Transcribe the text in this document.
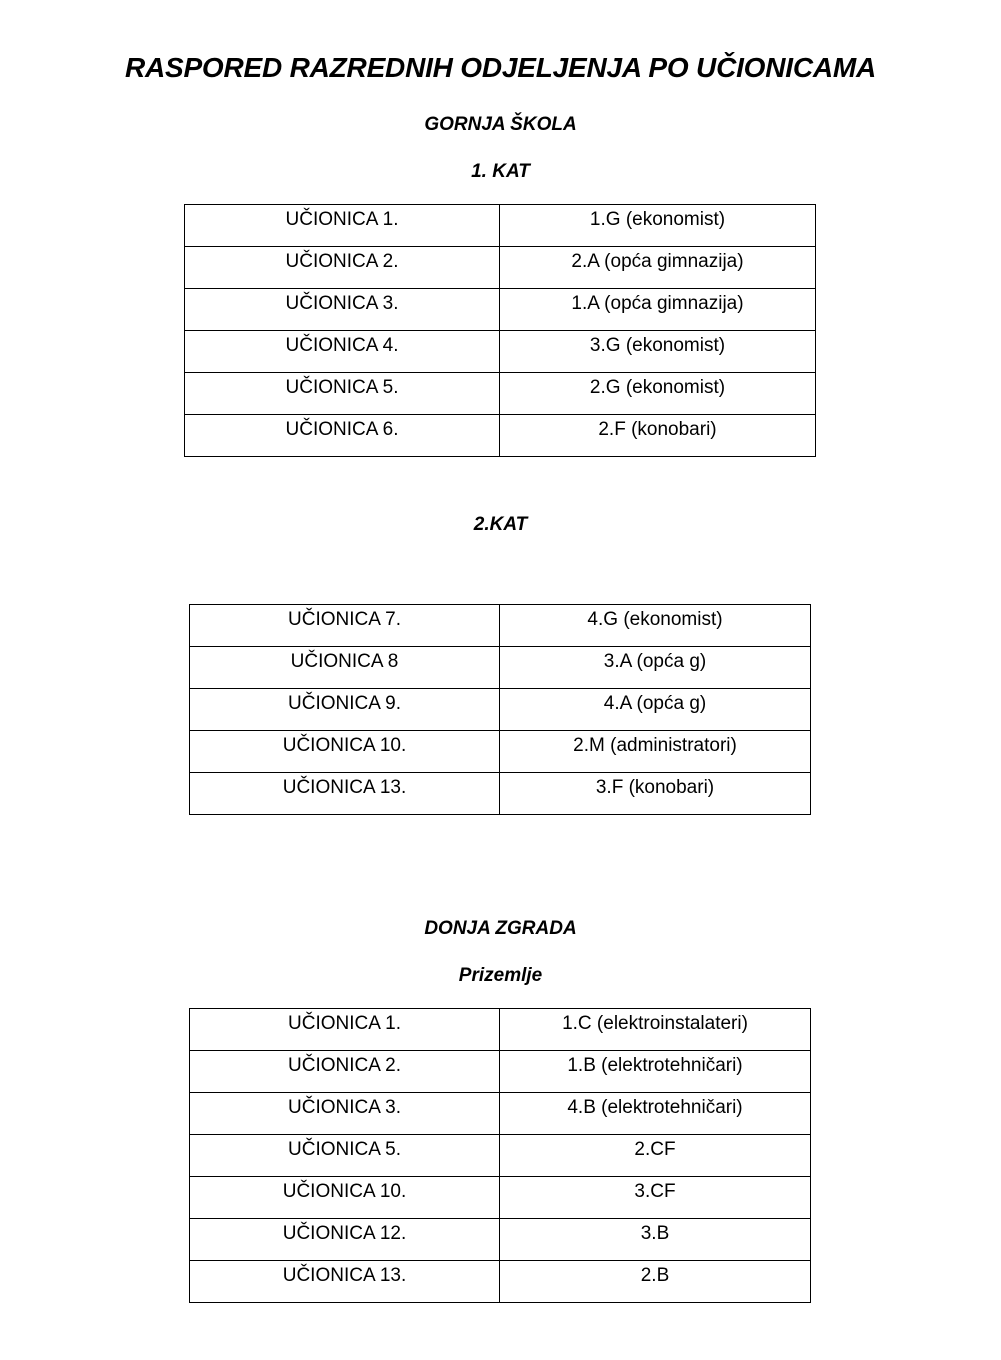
RASPORED RAZREDNIH ODJELJENJA PO UČIONICAMA
GORNJA ŠKOLA
1. KAT
UČIONICA 1.	1.G (ekonomist)
UČIONICA 2.	2.A (opća gimnazija)
UČIONICA 3.	1.A (opća gimnazija)
UČIONICA 4.	3.G (ekonomist)
UČIONICA 5.	2.G (ekonomist)
UČIONICA 6.	2.F (konobari)
2.KAT
UČIONICA 7.	4.G (ekonomist)
UČIONICA 8	3.A (opća g)
UČIONICA 9.	4.A (opća g)
UČIONICA 10.	2.M (administratori)
UČIONICA 13.	3.F (konobari)
DONJA ZGRADA
Prizemlje
UČIONICA 1.	1.C (elektroinstalateri)
UČIONICA 2.	1.B (elektrotehničari)
UČIONICA 3.	4.B (elektrotehničari)
UČIONICA 5.	2.CF
UČIONICA 10.	3.CF
UČIONICA 12.	3.B
UČIONICA 13.	2.B
